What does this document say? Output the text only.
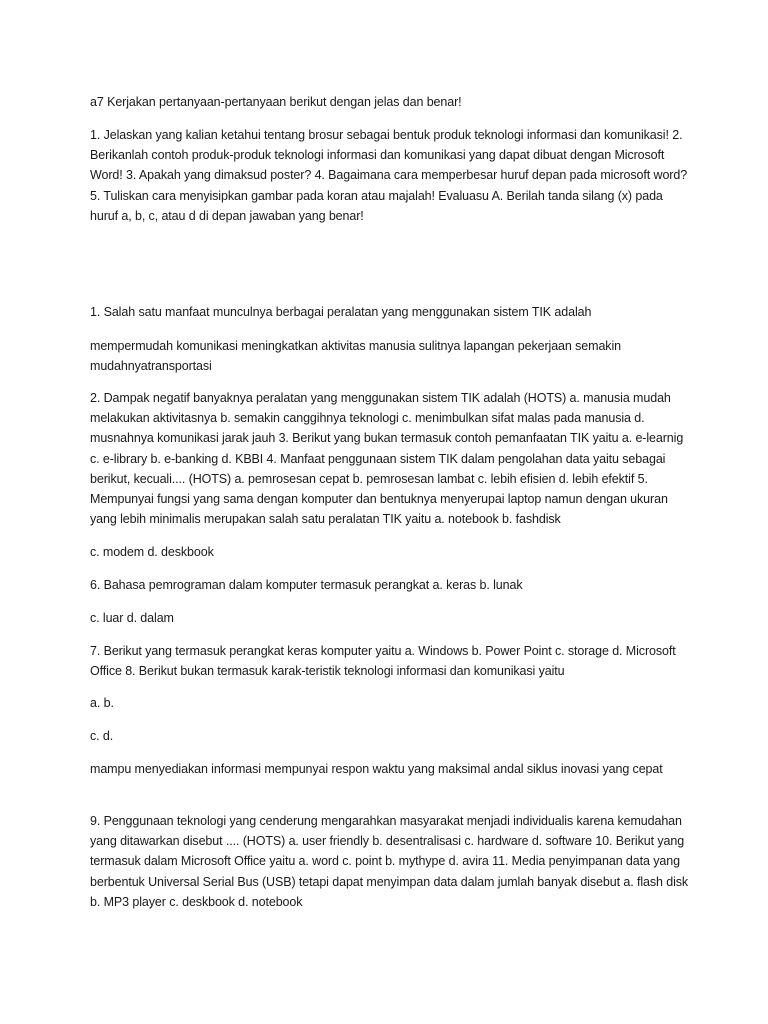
a7 Kerjakan pertanyaan-pertanyaan berikut dengan jelas dan benar!

1. Jelaskan yang kalian ketahui tentang brosur sebagai bentuk produk teknologi informasi dan komunikasi! 2. Berikanlah contoh produk-produk teknologi informasi dan komunikasi yang dapat dibuat dengan Microsoft Word! 3. Apakah yang dimaksud poster? 4. Bagaimana cara memperbesar huruf depan pada microsoft word? 5. Tuliskan cara menyisipkan gambar pada koran atau majalah! Evaluasu A. Berilah tanda silang (x) pada huruf a, b, c, atau d di depan jawaban yang benar!

1. Salah satu manfaat munculnya berbagai peralatan yang menggunakan sistem TIK adalah

mempermudah komunikasi meningkatkan aktivitas manusia sulitnya lapangan pekerjaan semakin mudahnyatransportasi

2. Dampak negatif banyaknya peralatan yang menggunakan sistem TIK adalah (HOTS) a. manusia mudah melakukan aktivitasnya b. semakin canggihnya teknologi c. menimbulkan sifat malas pada manusia d. musnahnya komunikasi jarak jauh 3. Berikut yang bukan termasuk contoh pemanfaatan TIK yaitu a. e-learnig c. e-library b. e-banking d. KBBI 4. Manfaat penggunaan sistem TIK dalam pengolahan data yaitu sebagai berikut, kecuali.... (HOTS) a. pemrosesan cepat b. pemrosesan lambat c. lebih efisien d. lebih efektif 5. Mempunyai fungsi yang sama dengan komputer dan bentuknya menyerupai laptop namun dengan ukuran yang lebih minimalis merupakan salah satu peralatan TIK yaitu a. notebook b. fashdisk

c. modem d. deskbook

6. Bahasa pemrograman dalam komputer termasuk perangkat a. keras b. lunak

c. luar d. dalam

7. Berikut yang termasuk perangkat keras komputer yaitu a. Windows b. Power Point c. storage d. Microsoft Office 8. Berikut bukan termasuk karak-teristik teknologi informasi dan komunikasi yaitu

a. b.

c. d.

mampu menyediakan informasi mempunyai respon waktu yang maksimal andal siklus inovasi yang cepat

9. Penggunaan teknologi yang cenderung mengarahkan masyarakat menjadi individualis karena kemudahan yang ditawarkan disebut .... (HOTS) a. user friendly b. desentralisasi c. hardware d. software 10. Berikut yang termasuk dalam Microsoft Office yaitu a. word c. point b. mythype d. avira 11. Media penyimpanan data yang berbentuk Universal Serial Bus (USB) tetapi dapat menyimpan data dalam jumlah banyak disebut a. flash disk b. MP3 player c. deskbook d. notebook
